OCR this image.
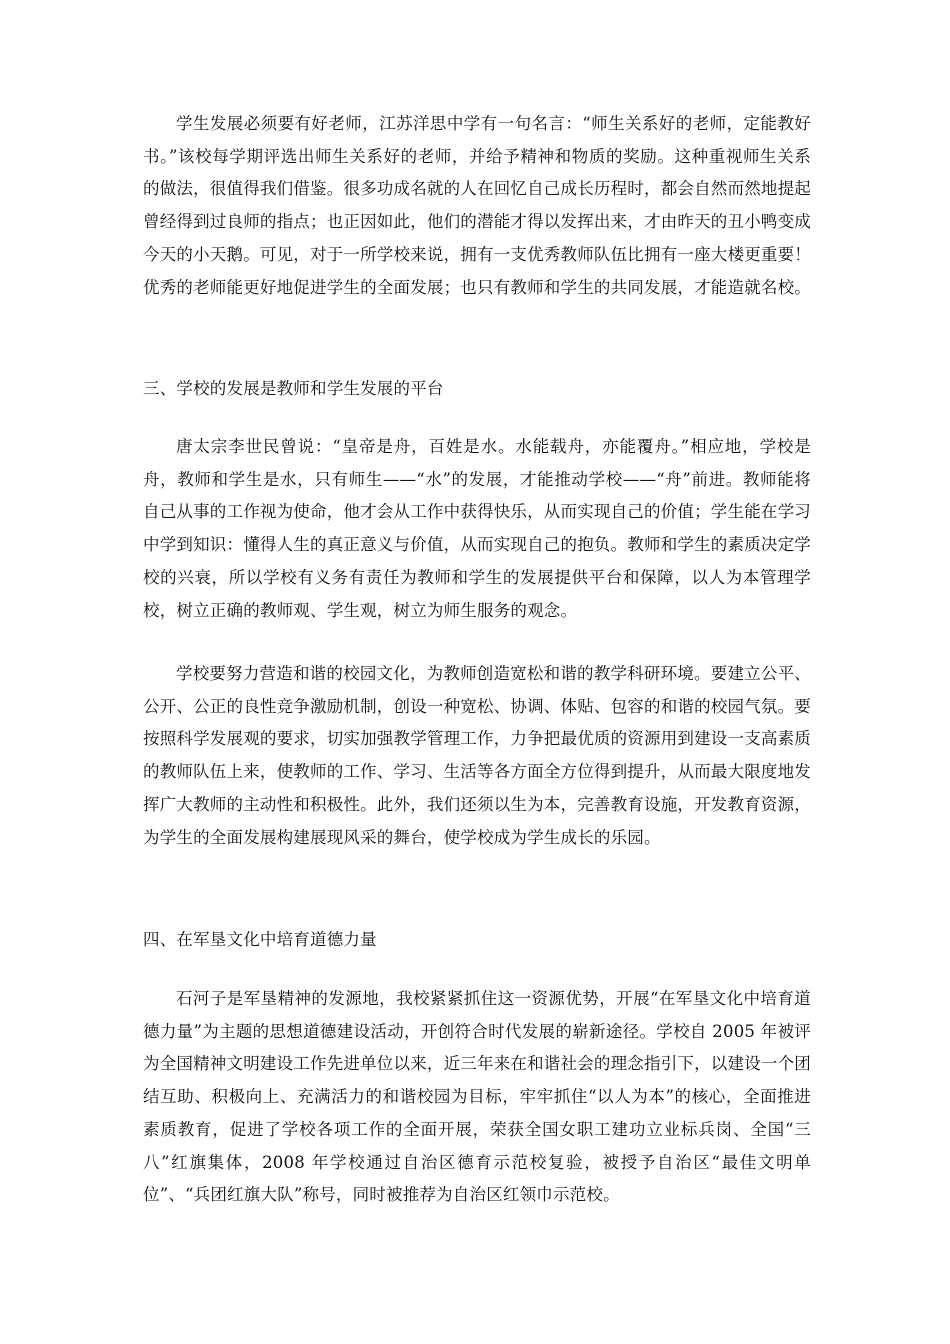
学生发展必须要有好老师，江苏洋思中学有一句名言：“师生关系好的老师，定能教好书。”该校每学期评选出师生关系好的老师，并给予精神和物质的奖励。这种重视师生关系的做法，很值得我们借鉴。很多功成名就的人在回忆自己成长历程时，都会自然而然地提起曾经得到过良师的指点；也正因如此，他们的潜能才得以发挥出来，才由昨天的丑小鸭变成今天的小天鹅。可见，对于一所学校来说，拥有一支优秀教师队伍比拥有一座大楼更重要！优秀的老师能更好地促进学生的全面发展；也只有教师和学生的共同发展，才能造就名校。

三、学校的发展是教师和学生发展的平台

唐太宗李世民曾说：“皇帝是舟，百姓是水。水能载舟，亦能覆舟。”相应地，学校是舟，教师和学生是水，只有师生——“水”的发展，才能推动学校——“舟”前进。教师能将自己从事的工作视为使命，他才会从工作中获得快乐，从而实现自己的价值；学生能在学习中学到知识：懂得人生的真正意义与价值，从而实现自己的抱负。教师和学生的素质决定学校的兴衰，所以学校有义务有责任为教师和学生的发展提供平台和保障，以人为本管理学校，树立正确的教师观、学生观，树立为师生服务的观念。

学校要努力营造和谐的校园文化，为教师创造宽松和谐的教学科研环境。要建立公平、公开、公正的良性竞争激励机制，创设一种宽松、协调、体贴、包容的和谐的校园气氛。要按照科学发展观的要求，切实加强教学管理工作，力争把最优质的资源用到建设一支高素质的教师队伍上来，使教师的工作、学习、生活等各方面全方位得到提升，从而最大限度地发挥广大教师的主动性和积极性。此外，我们还须以生为本，完善教育设施，开发教育资源，为学生的全面发展构建展现风采的舞台，使学校成为学生成长的乐园。

四、在军垦文化中培育道德力量

石河子是军垦精神的发源地，我校紧紧抓住这一资源优势，开展“在军垦文化中培育道德力量”为主题的思想道德建设活动，开创符合时代发展的崭新途径。学校自 2005 年被评为全国精神文明建设工作先进单位以来，近三年来在和谐社会的理念指引下，以建设一个团结互助、积极向上、充满活力的和谐校园为目标，牢牢抓住“以人为本”的核心，全面推进素质教育，促进了学校各项工作的全面开展，荣获全国女职工建功立业标兵岗、全国“三八”红旗集体，2008 年学校通过自治区德育示范校复验，被授予自治区“最佳文明单位”、“兵团红旗大队”称号，同时被推荐为自治区红领巾示范校。
